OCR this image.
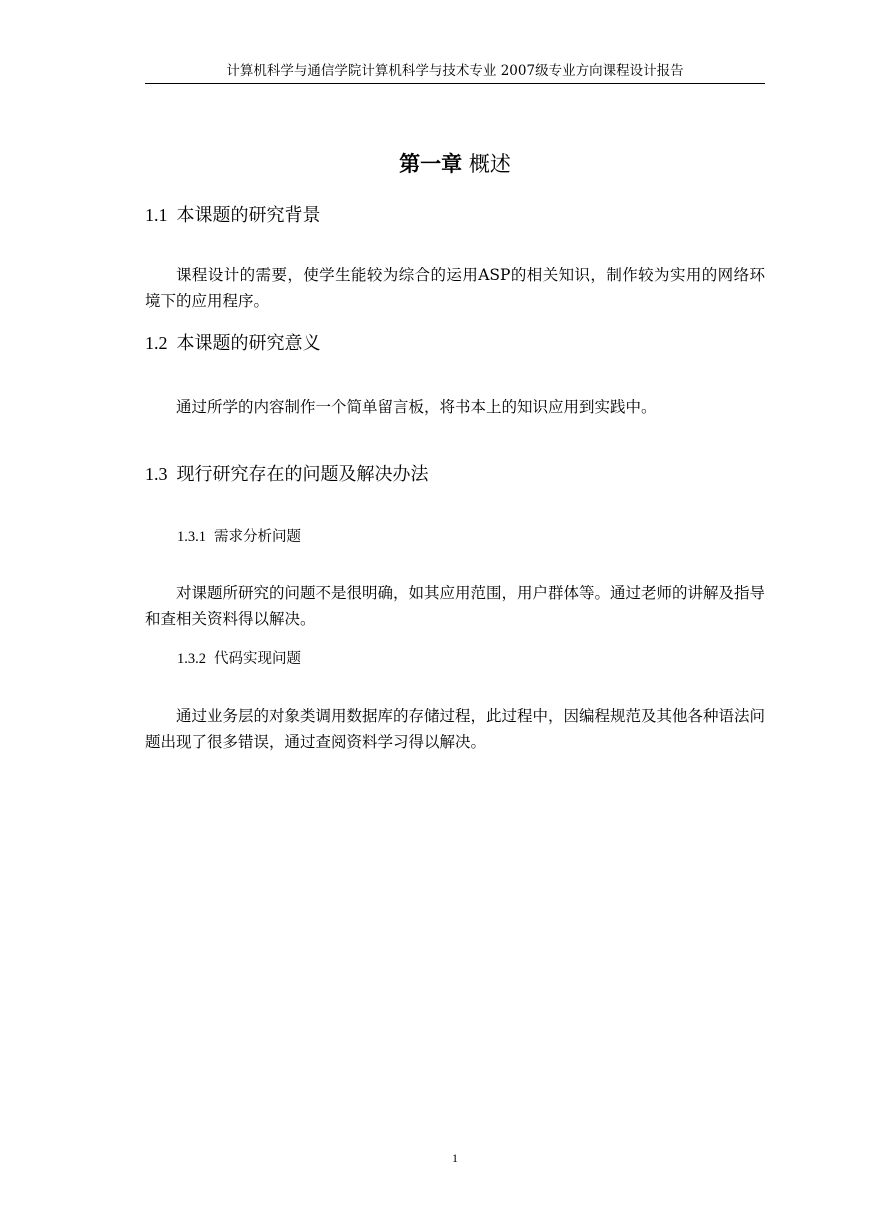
计算机科学与通信学院计算机科学与技术专业 2007级专业方向课程设计报告
第一章 概述
1.1 本课题的研究背景
课程设计的需要，使学生能较为综合的运用ASP的相关知识，制作较为实用的网络环境下的应用程序。
1.2 本课题的研究意义
通过所学的内容制作一个简单留言板，将书本上的知识应用到实践中。
1.3 现行研究存在的问题及解决办法
1.3.1 需求分析问题
对课题所研究的问题不是很明确，如其应用范围，用户群体等。通过老师的讲解及指导和查相关资料得以解决。
1.3.2 代码实现问题
通过业务层的对象类调用数据库的存储过程，此过程中，因编程规范及其他各种语法问题出现了很多错误，通过查阅资料学习得以解决。
1
